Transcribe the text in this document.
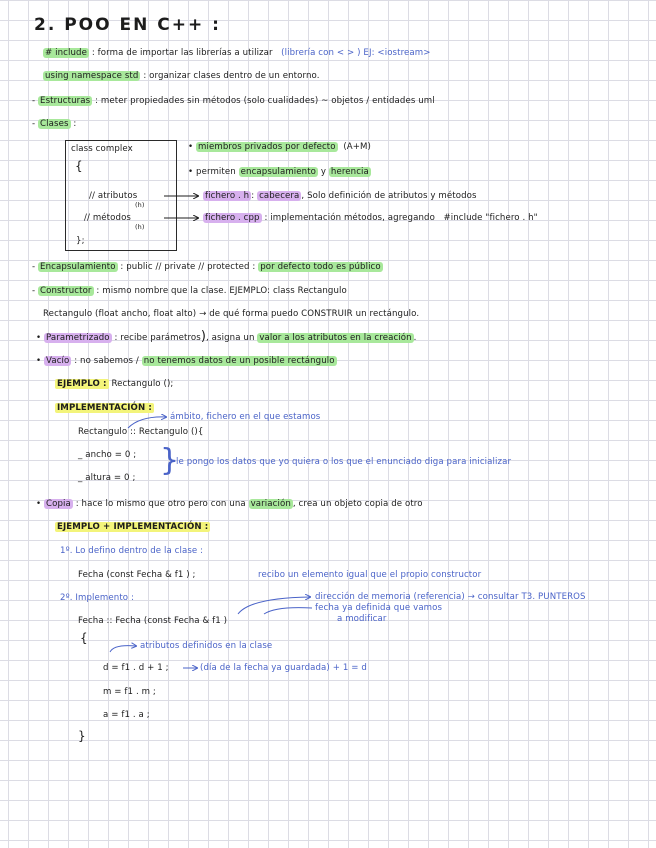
2. POO EN C++ :
# include : forma de importar las librerías a utilizar (librería con < > ) EJ: <iostream>
using namespace std : organizar clases dentro de un entorno.
- Estructuras : meter propiedades sin métodos (solo cualidades) ~ objetos / entidades uml
- Clases :
class complex
{
// atributos
(h)
// métodos
(h)
};
• miembros privados por defecto (A+M)
• permiten encapsulamiento y herencia
fichero . h : cabecera , Solo definición de atributos y métodos
fichero . cpp : implementación métodos, agregando #include "fichero . h"
- Encapsulamiento : public // private // protected : por defecto todo es público
- Constructor : mismo nombre que la clase. EJEMPLO: class Rectangulo
Rectangulo (float ancho, float alto) → de qué forma puedo CONSTRUIR un rectángulo.
• Parametrizado : recibe parámetros), asigna un valor a los atributos en la creación .
• Vacío : no sabemos / no tenemos datos de un posible rectángulo
EJEMPLO : Rectangulo ();
IMPLEMENTACIÓN :
ámbito, fichero en el que estamos
Rectangulo :: Rectangulo (){
_ ancho = 0 ;
_ altura = 0 ; }
le pongo los datos que yo quiera o los que el enunciado diga para inicializar
• Copia : hace lo mismo que otro pero con una variación , crea un objeto copia de otro
EJEMPLO + IMPLEMENTACIÓN :
1º. Lo defino dentro de la clase :
Fecha (const Fecha & f1 ) ;	recibo un elemento igual que el propio constructor
2º. Implemento :	dirección de memoria (referencia) → consultar T3. PUNTEROS
fecha ya definida que vamos
a modificar
Fecha :: Fecha (const Fecha & f1 )
{
atributos definidos en la clase
d = f1 . d + 1 ;	(día de la fecha ya guardada) + 1 = d
m = f1 . m ;
a = f1 . a ;
}
